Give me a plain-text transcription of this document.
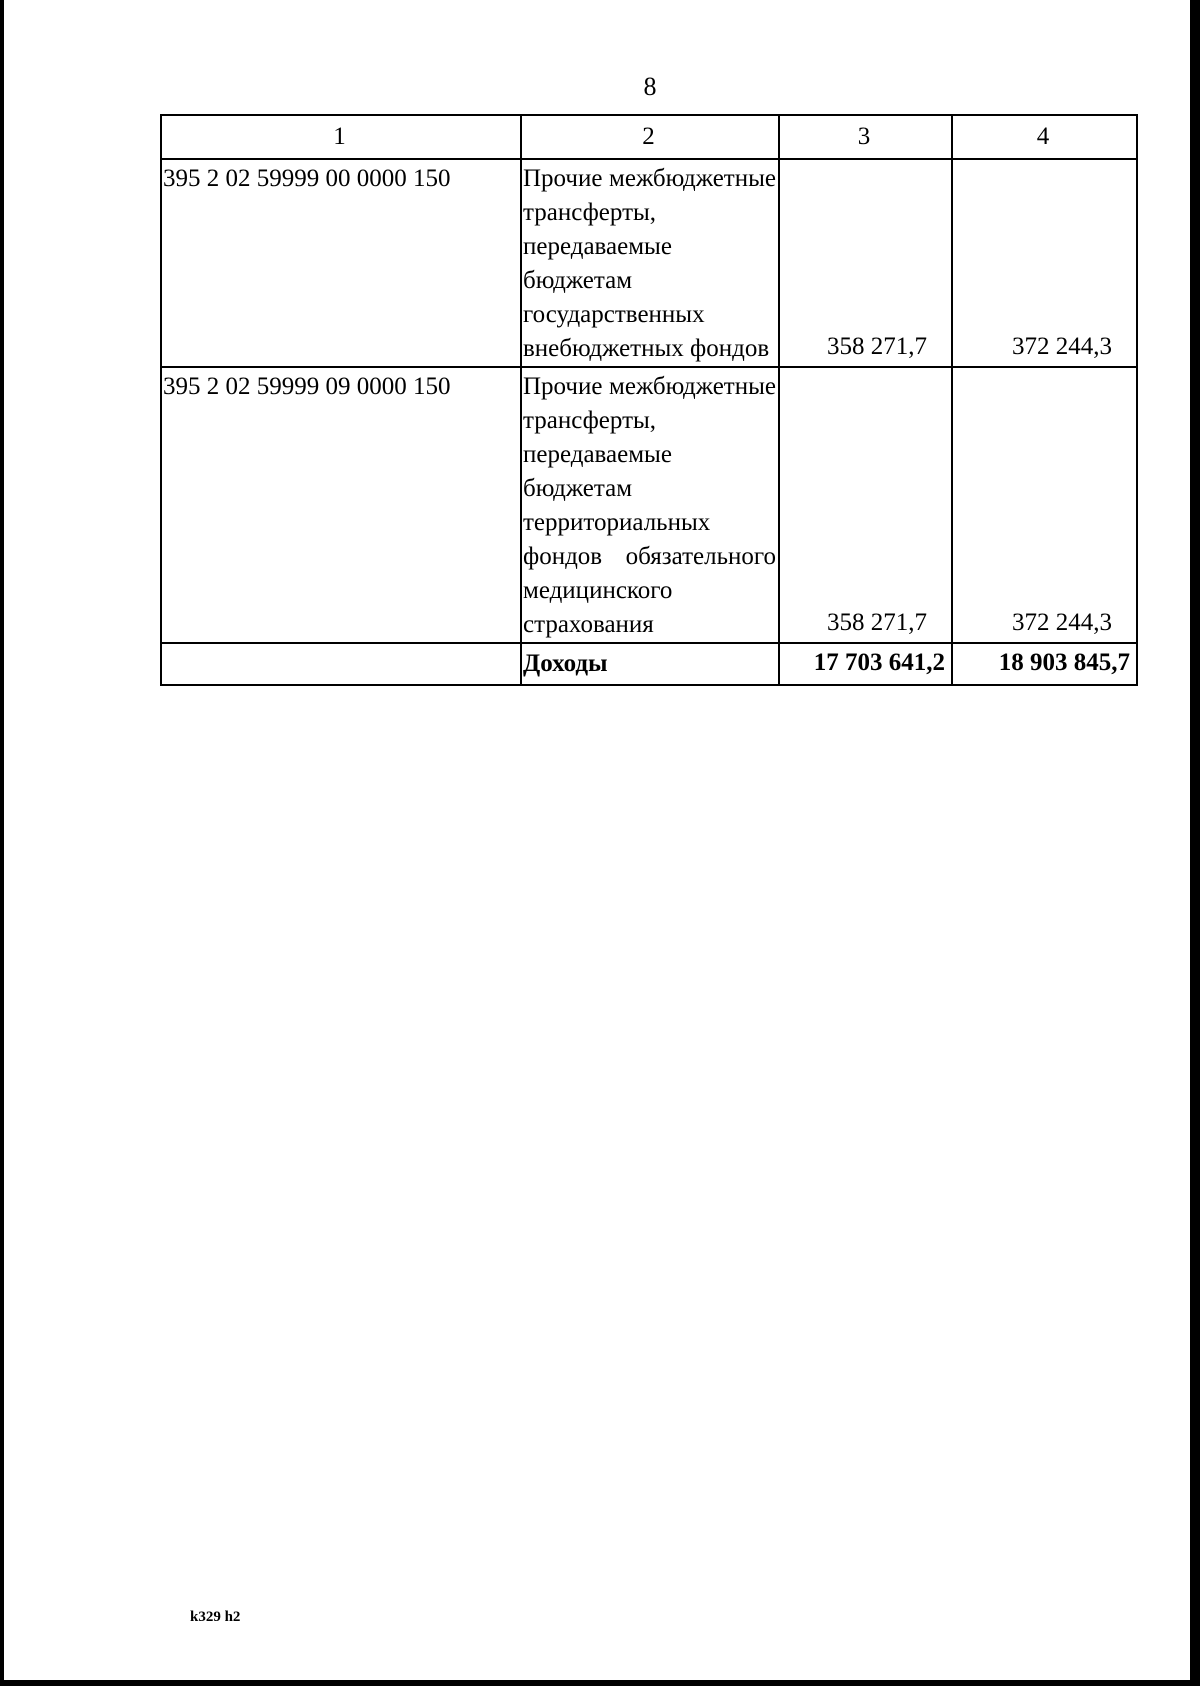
8
1	2	3	4
395 2 02 59999 00 0000 150	Прочие межбюджетные трансферты, передаваемые бюджетам государственных внебюджетных фондов	358 271,7	372 244,3
395 2 02 59999 09 0000 150	Прочие межбюджетные трансферты, передаваемые бюджетам территориальных фондов обязательного медицинского страхования	358 271,7	372 244,3
	Доходы	17 703 641,2	18 903 845,7
k329 h2
